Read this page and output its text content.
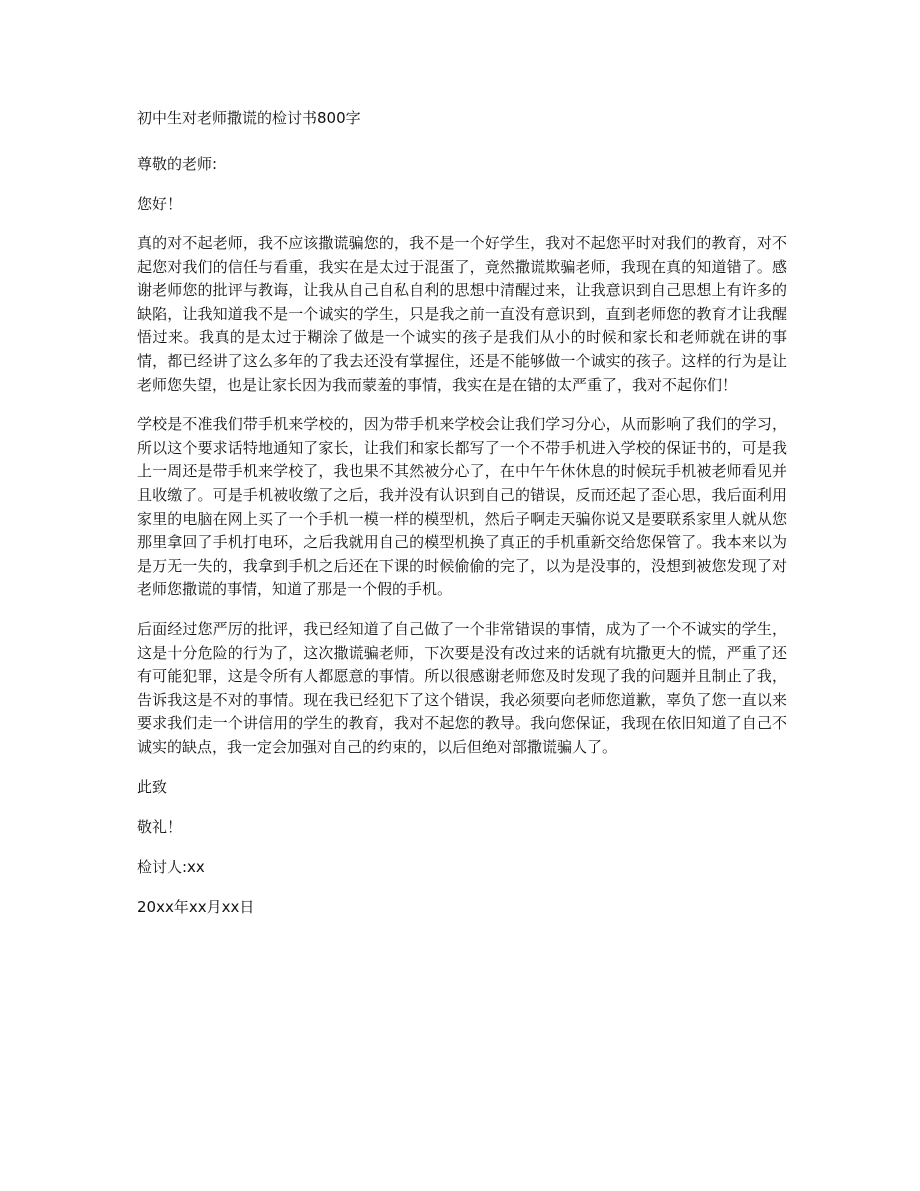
初中生对老师撒谎的检讨书800字
尊敬的老师:
您好！
真的对不起老师，我不应该撒谎骗您的，我不是一个好学生，我对不起您平时对我们的教育，对不起您对我们的信任与看重，我实在是太过于混蛋了，竟然撒谎欺骗老师，我现在真的知道错了。感谢老师您的批评与教诲，让我从自己自私自利的思想中清醒过来，让我意识到自己思想上有许多的缺陷，让我知道我不是一个诚实的学生，只是我之前一直没有意识到，直到老师您的教育才让我醒悟过来。我真的是太过于糊涂了做是一个诚实的孩子是我们从小的时候和家长和老师就在讲的事情，都已经讲了这么多年的了我去还没有掌握住，还是不能够做一个诚实的孩子。这样的行为是让老师您失望，也是让家长因为我而蒙羞的事情，我实在是在错的太严重了，我对不起你们！
学校是不准我们带手机来学校的，因为带手机来学校会让我们学习分心，从而影响了我们的学习，所以这个要求话特地通知了家长，让我们和家长都写了一个不带手机进入学校的保证书的，可是我上一周还是带手机来学校了，我也果不其然被分心了，在中午午休休息的时候玩手机被老师看见并且收缴了。可是手机被收缴了之后，我并没有认识到自己的错误，反而还起了歪心思，我后面利用家里的电脑在网上买了一个手机一模一样的模型机，然后子啊走天骗你说又是要联系家里人就从您那里拿回了手机打电环，之后我就用自己的模型机换了真正的手机重新交给您保管了。我本来以为是万无一失的，我拿到手机之后还在下课的时候偷偷的完了，以为是没事的，没想到被您发现了对老师您撒谎的事情，知道了那是一个假的手机。
后面经过您严厉的批评，我已经知道了自己做了一个非常错误的事情，成为了一个不诚实的学生，这是十分危险的行为了，这次撒谎骗老师，下次要是没有改过来的话就有坑撒更大的慌，严重了还有可能犯罪，这是令所有人都愿意的事情。所以很感谢老师您及时发现了我的问题并且制止了我，告诉我这是不对的事情。现在我已经犯下了这个错误，我必须要向老师您道歉，辜负了您一直以来要求我们走一个讲信用的学生的教育，我对不起您的教导。我向您保证，我现在依旧知道了自己不诚实的缺点，我一定会加强对自己的约束的，以后但绝对部撒谎骗人了。
此致
敬礼！
检讨人:xx
20xx年xx月xx日
